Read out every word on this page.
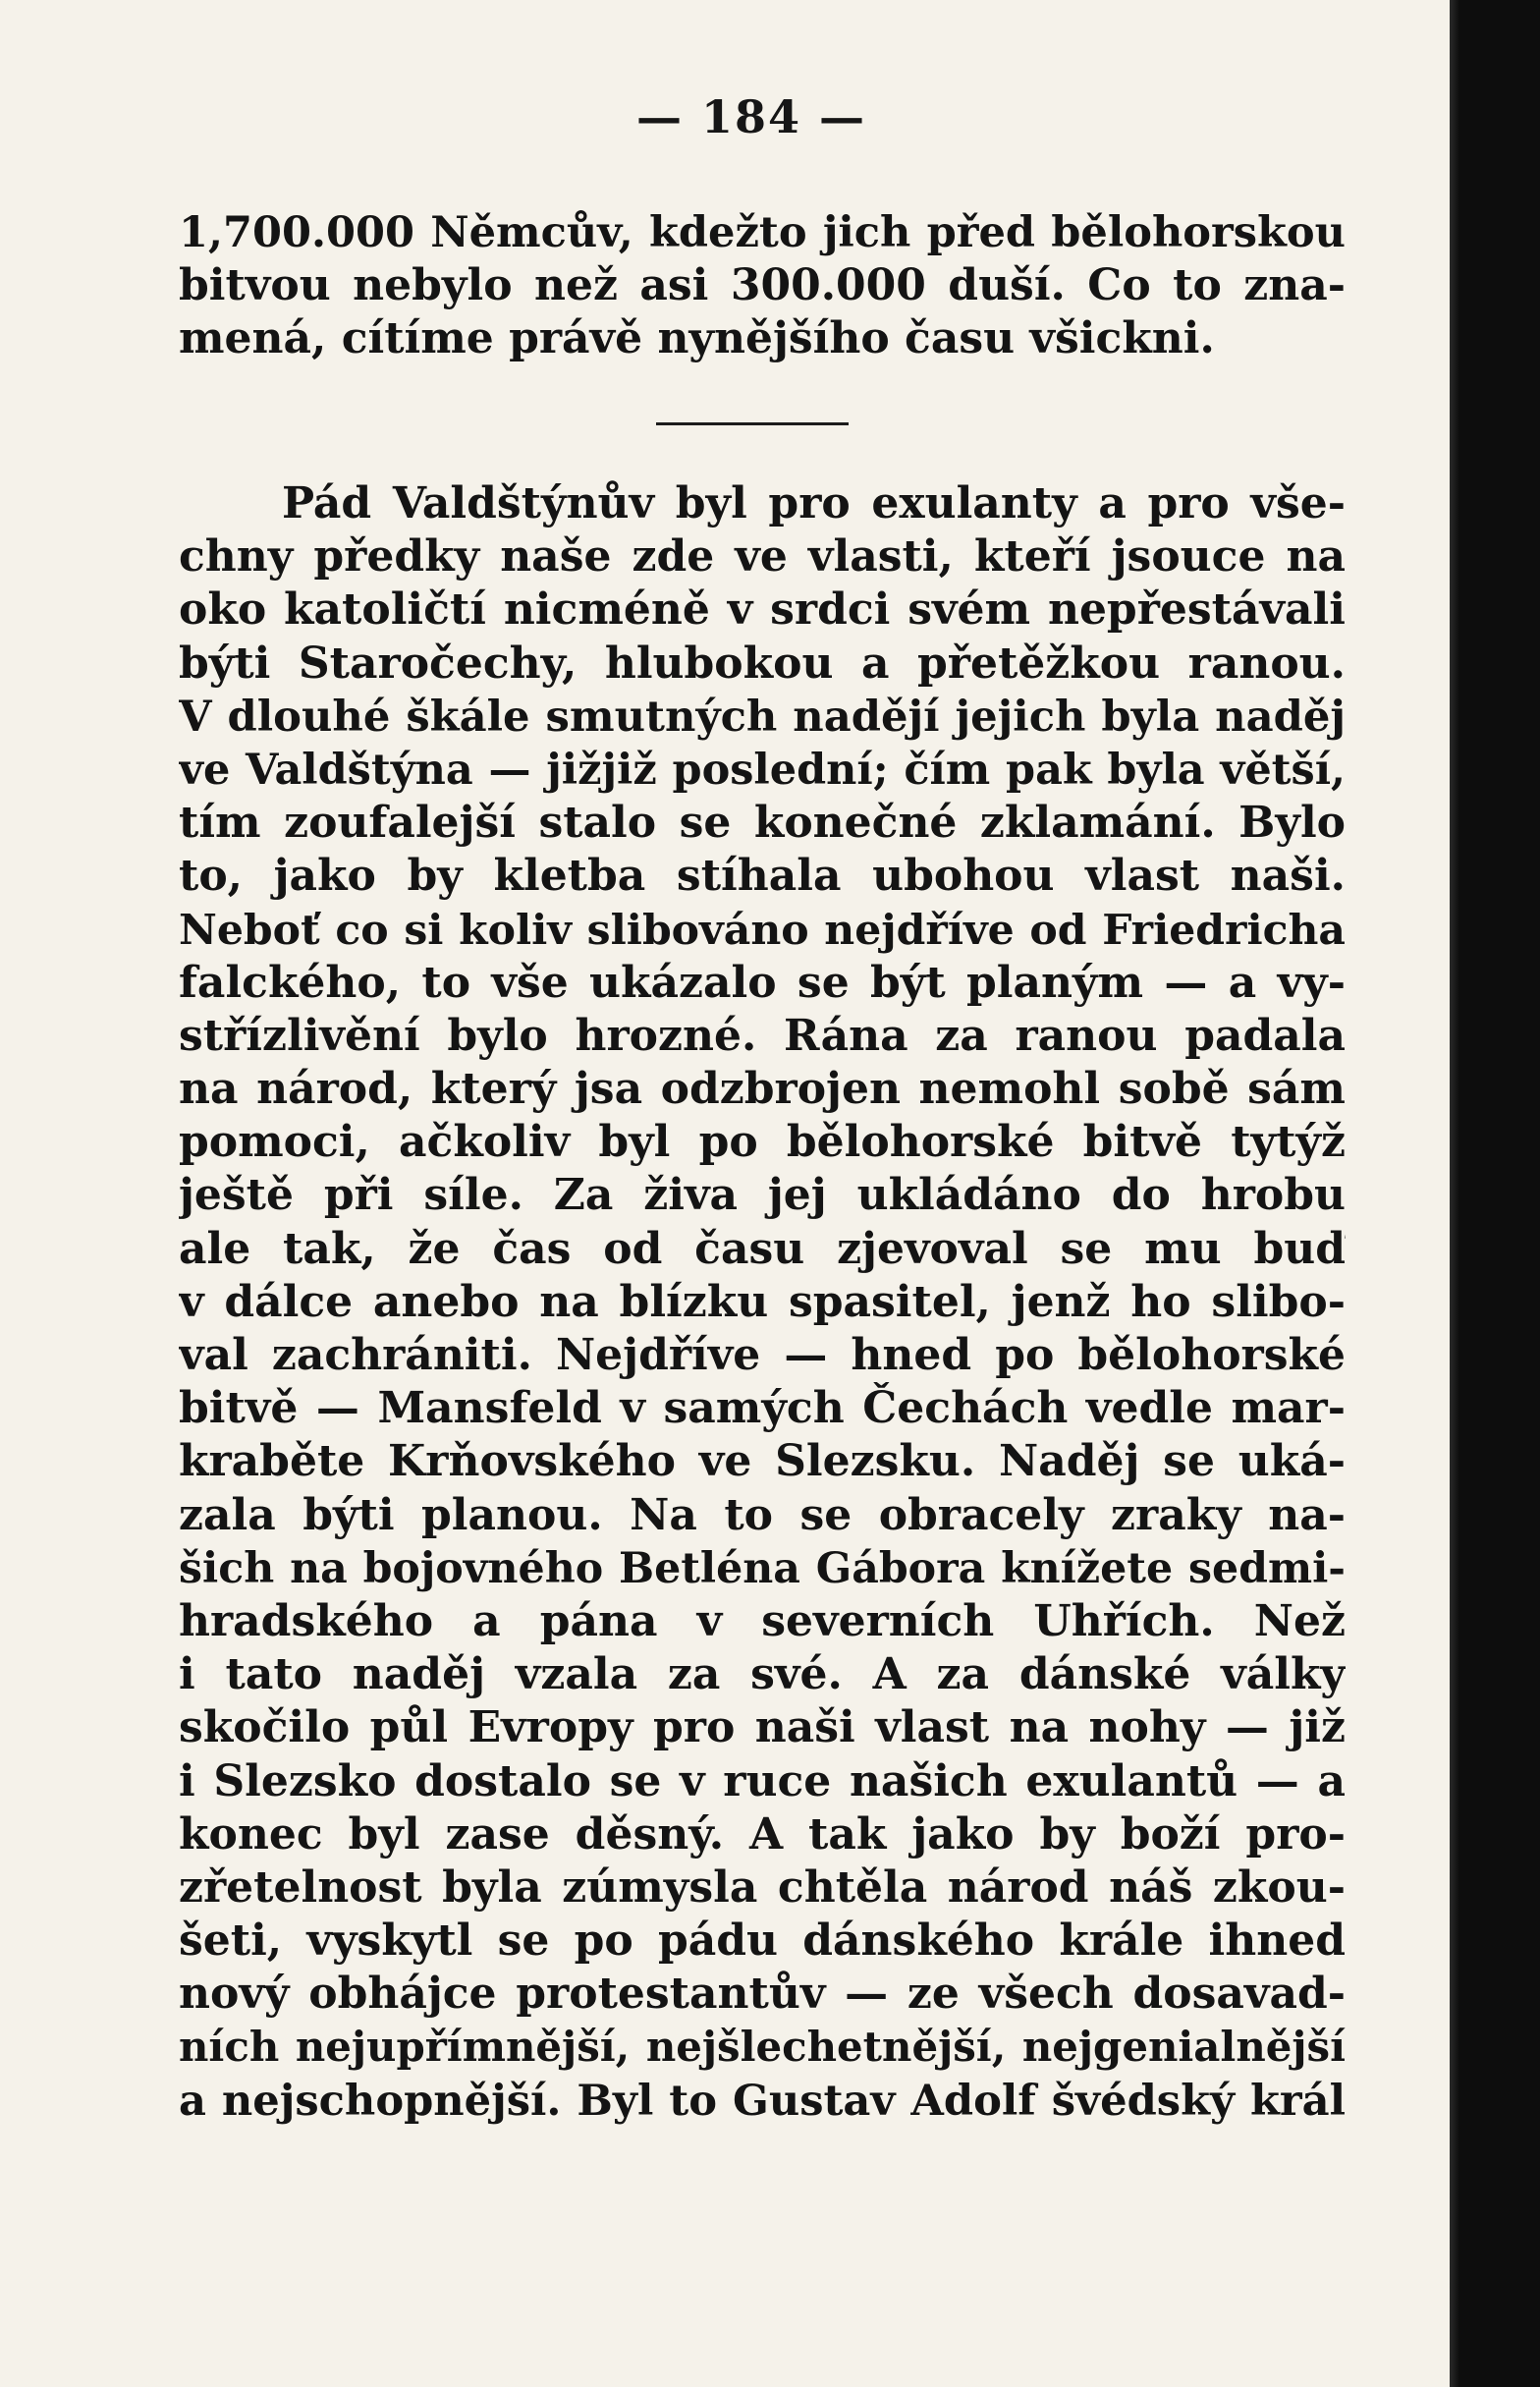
— 184 —
1,700.000 Němcův, kdežto jich před bělohorskou
bitvou nebylo než asi 300.000 duší. Co to zna-
mená, cítíme právě nynějšího času všickni.
Pád Valdštýnův byl pro exulanty a pro vše-
chny předky naše zde ve vlasti, kteří jsouce na
oko katoličtí nicméně v srdci svém nepřestávali
býti Staročechy, hlubokou a přetěžkou ranou.
V dlouhé škále smutných nadějí jejich byla naděj
ve Valdštýna — jižjiž poslední; čím pak byla větší,
tím zoufalejší stalo se konečné zklamání. Bylo
to, jako by kletba stíhala ubohou vlast naši.
Neboť co si koliv slibováno nejdříve od Friedricha
falckého, to vše ukázalo se být planým — a vy-
střízlivění bylo hrozné. Rána za ranou padala
na národ, který jsa odzbrojen nemohl sobě sám
pomoci, ačkoliv byl po bělohorské bitvě tytýž
ještě při síle. Za živa jej ukládáno do hrobu
ale tak, že čas od času zjevoval se mu buď
v dálce anebo na blízku spasitel, jenž ho slibo-
val zachrániti. Nejdříve — hned po bělohorské
bitvě — Mansfeld v samých Čechách vedle mar-
kraběte Krňovského ve Slezsku. Naděj se uká-
zala býti planou. Na to se obracely zraky na-
šich na bojovného Betléna Gábora knížete sedmi-
hradského a pána v severních Uhřích. Než
i tato naděj vzala za své. A za dánské války
skočilo půl Evropy pro naši vlast na nohy — již
i Slezsko dostalo se v ruce našich exulantů — a
konec byl zase děsný. A tak jako by boží pro-
zřetelnost byla zúmysla chtěla národ náš zkou-
šeti, vyskytl se po pádu dánského krále ihned
nový obhájce protestantův — ze všech dosavad-
ních nejupřímnější, nejšlechetnější, nejgenialnější
a nejschopnější. Byl to Gustav Adolf švédský král
